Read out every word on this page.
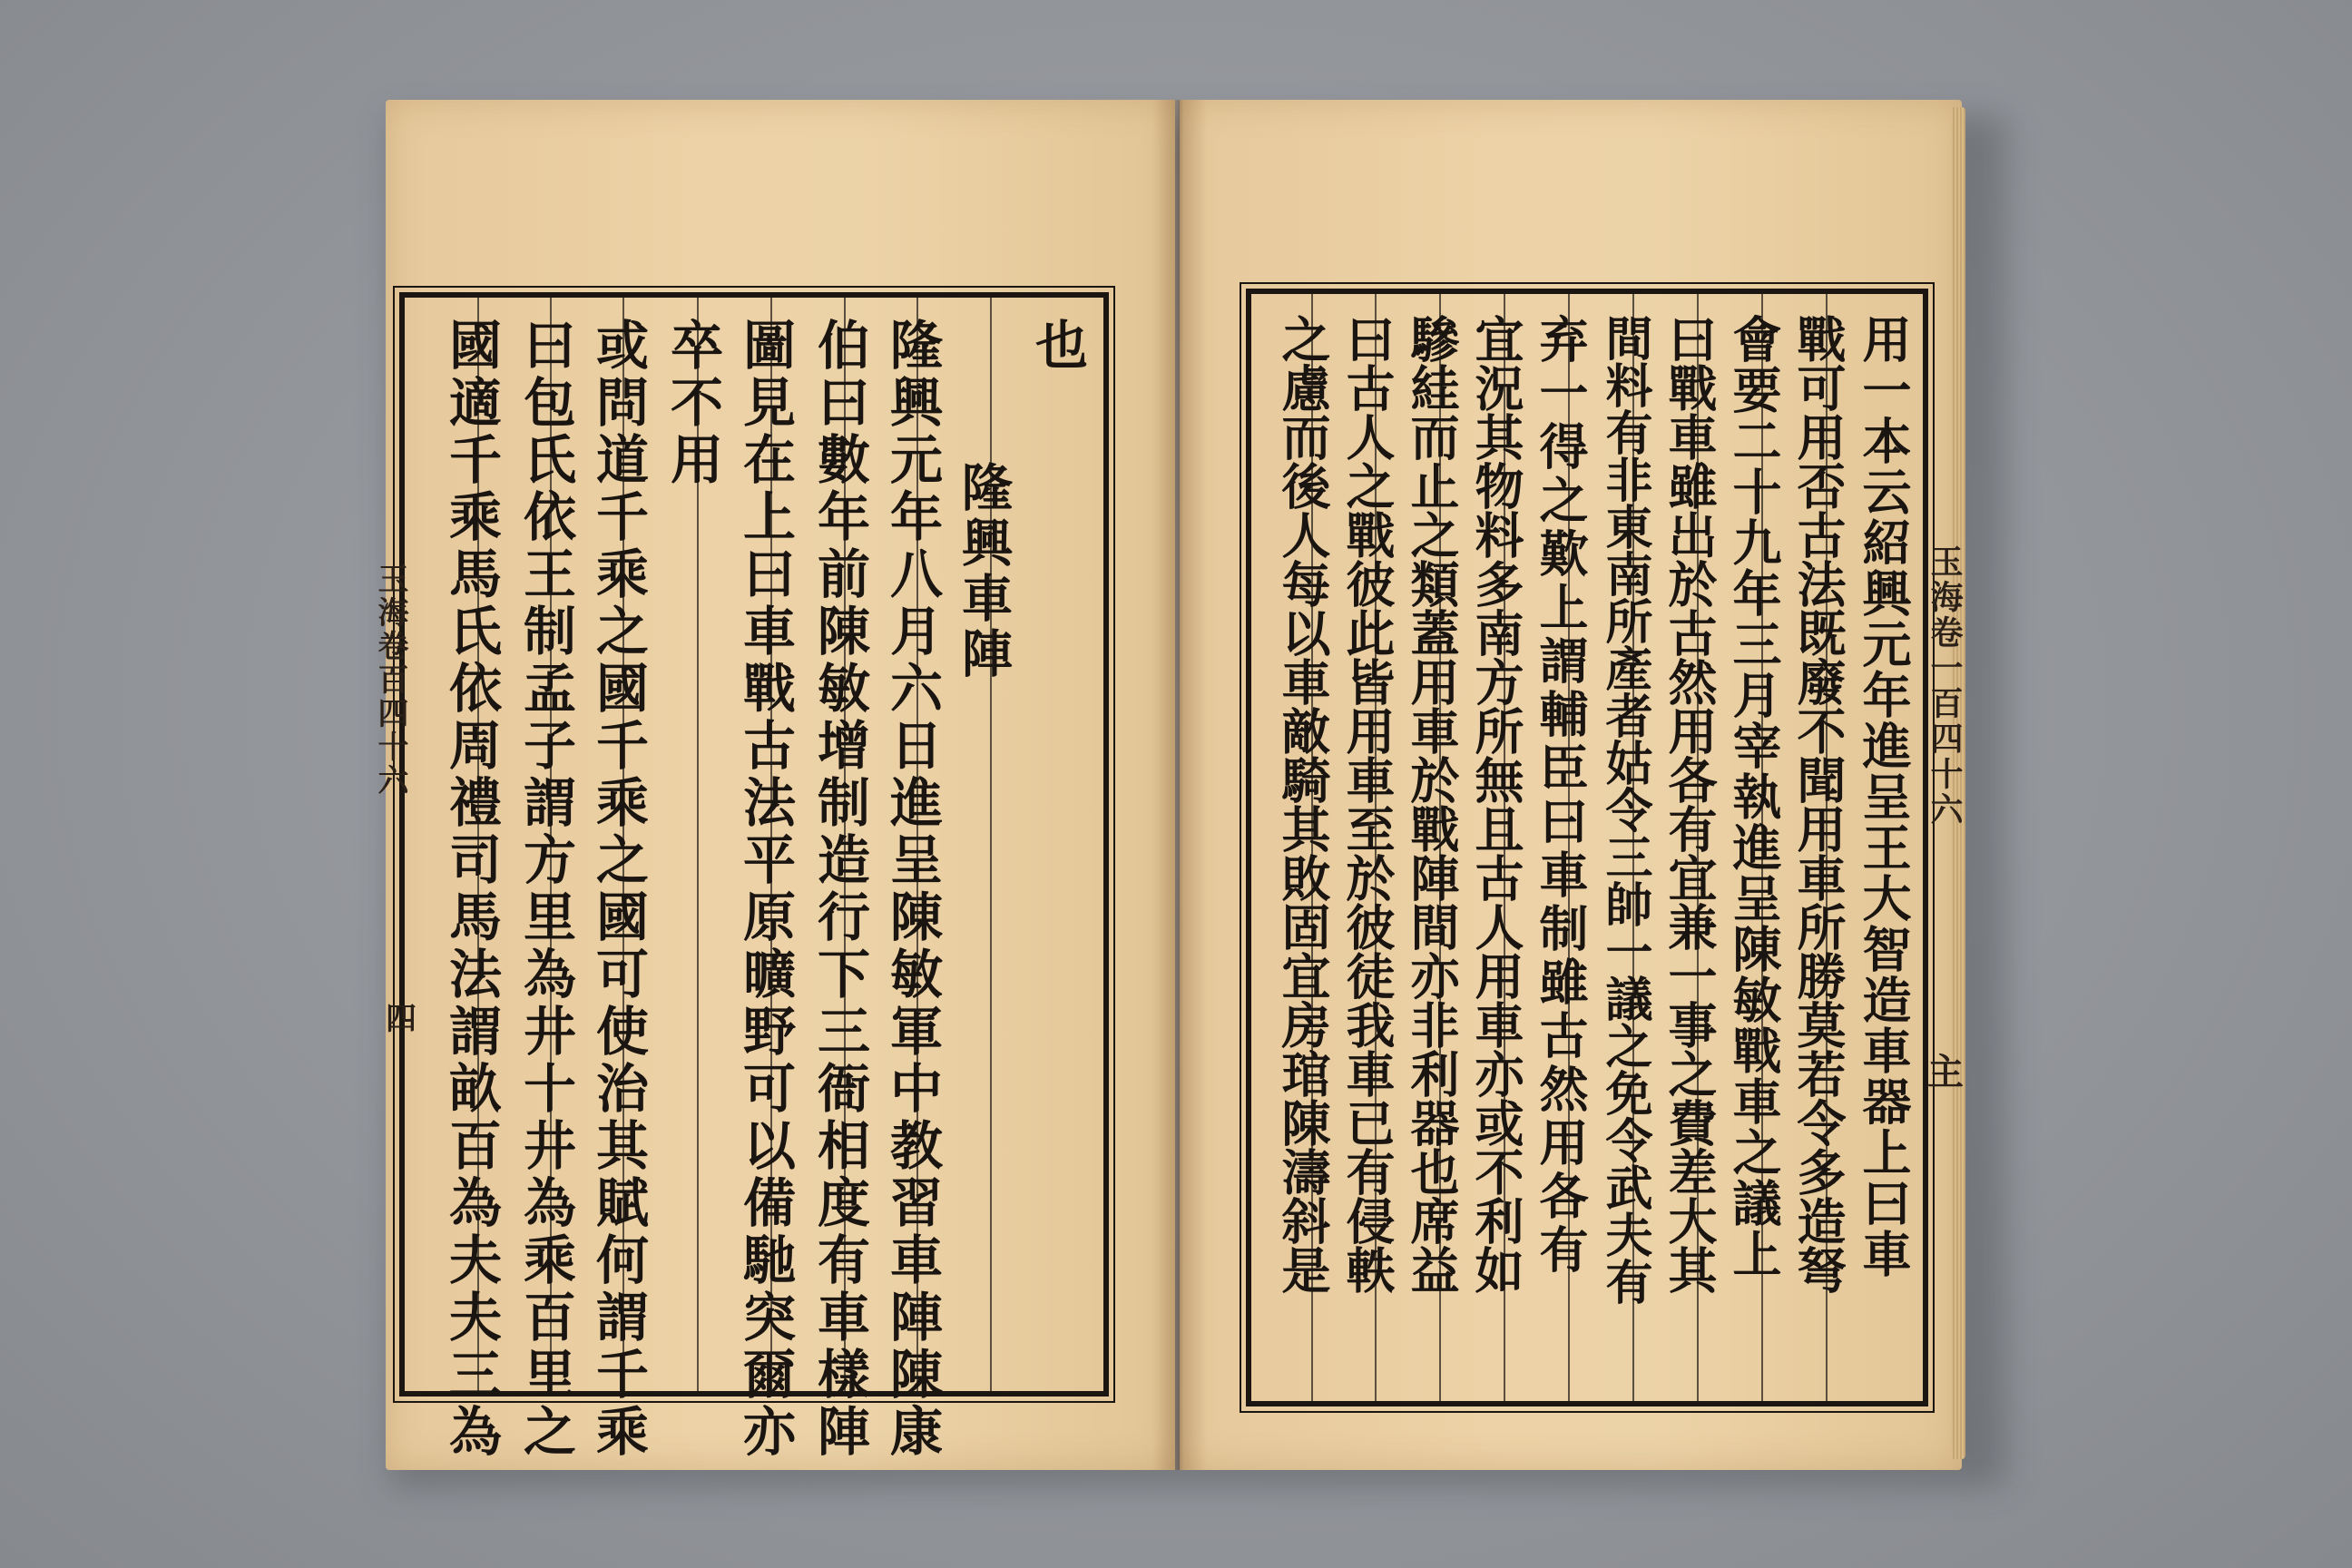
也
隆興車陣
隆興元年八月六日進呈陳敏軍中教習車陣陳康
伯曰數年前陳敏增制造行下三衙相度有車樣陣
圖見在上曰車戰古法平原曠野可以備馳突爾亦
卒不用
或問道千乘之國千乘之國可使治其賦何謂千乘
曰包氏依王制孟子謂方里為井十井為乘百里之
國適千乘馬氏依周禮司馬法謂畝百為夫夫三為
玉海卷百四十六
四	用一本云紹興元年進呈王大智造車器上曰車
戰可用否古法既廢不聞用車所勝莫若令多造弩
會要二十九年三月宰執進呈陳敏戰車之議上
曰戰車雖出於古然用各有宜兼一事之費差大其
間料有非東南所產者姑令三帥一議之免令武夫有
弃一得之歎上謂輔臣曰車制雖古然用各有
宜況其物料多南方所無且古人用車亦或不利如
驂絓而止之類蓋用車於戰陣間亦非利器也席益
曰古人之戰彼此皆用車至於彼徒我車已有侵軼
之慮而後人每以車敵騎其敗固宜房琯陳濤斜是	玉海卷一百四十六
主
